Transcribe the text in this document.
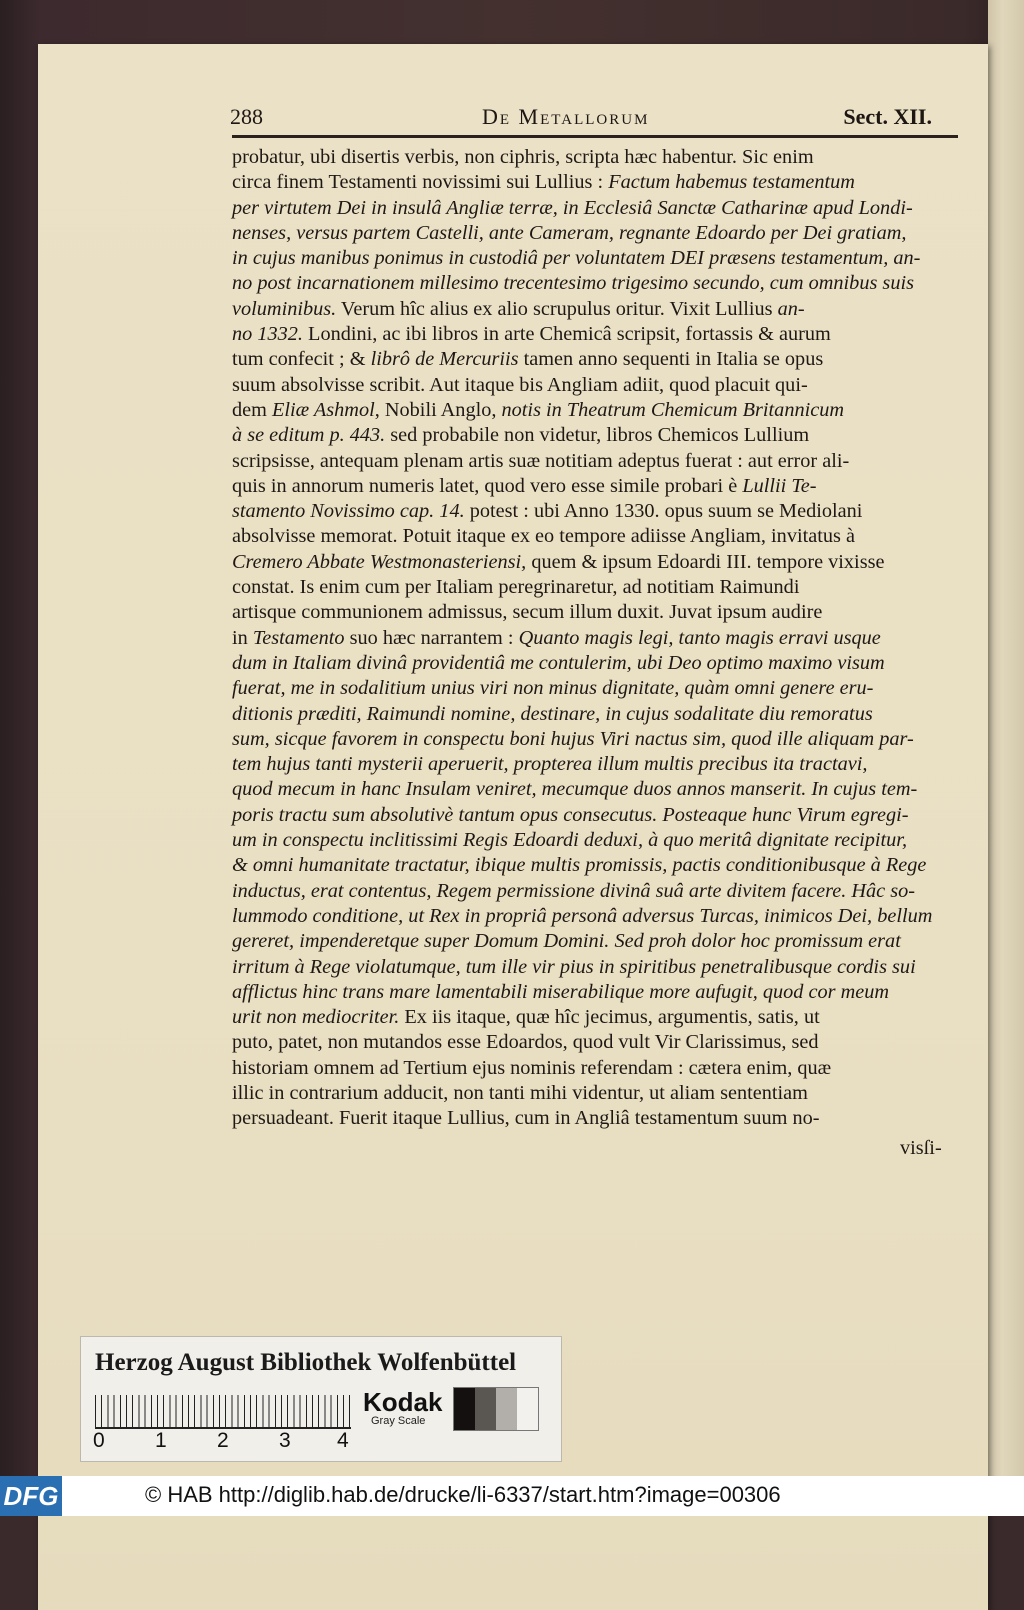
288	De Metallorum	Sect. XII.
probatur, ubi disertis verbis, non ciphris, scripta hæc habentur. Sic enim
circa finem Testamenti novissimi sui Lullius : Factum habemus testamentum
per virtutem Dei in insulâ Angliæ terræ, in Ecclesiâ Sanctæ Catharinæ apud Londi-
nenses, versus partem Castelli, ante Cameram, regnante Edoardo per Dei gratiam,
in cujus manibus ponimus in custodiâ per voluntatem DEI præsens testamentum, an-
no post incarnationem millesimo trecentesimo trigesimo secundo, cum omnibus suis
voluminibus. Verum hîc alius ex alio scrupulus oritur. Vixit Lullius an-
no 1332. Londini, ac ibi libros in arte Chemicâ scripsit, fortassis & aurum
tum confecit ; & librô de Mercuriis tamen anno sequenti in Italia se opus
suum absolvisse scribit. Aut itaque bis Angliam adiit, quod placuit qui-
dem Eliæ Ashmol, Nobili Anglo, notis in Theatrum Chemicum Britannicum
à se editum p. 443. sed probabile non videtur, libros Chemicos Lullium
scripsisse, antequam plenam artis suæ notitiam adeptus fuerat : aut error ali-
quis in annorum numeris latet, quod vero esse simile probari è Lullii Te-
stamento Novissimo cap. 14. potest : ubi Anno 1330. opus suum se Mediolani
absolvisse memorat. Potuit itaque ex eo tempore adiisse Angliam, invitatus à
Cremero Abbate Westmonasteriensi, quem & ipsum Edoardi III. tempore vixisse
constat. Is enim cum per Italiam peregrinaretur, ad notitiam Raimundi
artisque communionem admissus, secum illum duxit. Juvat ipsum audire
in Testamento suo hæc narrantem : Quanto magis legi, tanto magis erravi usque
dum in Italiam divinâ providentiâ me contulerim, ubi Deo optimo maximo visum
fuerat, me in sodalitium unius viri non minus dignitate, quàm omni genere eru-
ditionis præditi, Raimundi nomine, destinare, in cujus sodalitate diu remoratus
sum, sicque favorem in conspectu boni hujus Viri nactus sim, quod ille aliquam par-
tem hujus tanti mysterii aperuerit, propterea illum multis precibus ita tractavi,
quod mecum in hanc Insulam veniret, mecumque duos annos manserit. In cujus tem-
poris tractu sum absolutivè tantum opus consecutus. Posteaque hunc Virum egregi-
um in conspectu inclitissimi Regis Edoardi deduxi, à quo meritâ dignitate recipitur,
& omni humanitate tractatur, ibique multis promissis, pactis conditionibusque à Rege
inductus, erat contentus, Regem permissione divinâ suâ arte divitem facere. Hâc so-
lummodo conditione, ut Rex in propriâ personâ adversus Turcas, inimicos Dei, bellum
gereret, impenderetque super Domum Domini. Sed proh dolor hoc promissum erat
irritum à Rege violatumque, tum ille vir pius in spiritibus penetralibusque cordis sui
afflictus hinc trans mare lamentabili miserabilique more aufugit, quod cor meum
urit non mediocriter. Ex iis itaque, quæ hîc jecimus, argumentis, satis, ut
puto, patet, non mutandos esse Edoardos, quod vult Vir Clarissimus, sed
historiam omnem ad Tertium ejus nominis referendam : cætera enim, quæ
illic in contrarium adducit, non tanti mihi videntur, ut aliam sententiam
persuadeant. Fuerit itaque Lullius, cum in Angliâ testamentum suum no-
visſi-
Herzog August Bibliothek Wolfenbüttel
0 1 2 3 4
Kodak
Gray Scale
DFG	© HAB http://diglib.hab.de/drucke/li-6337/start.htm?image=00306
